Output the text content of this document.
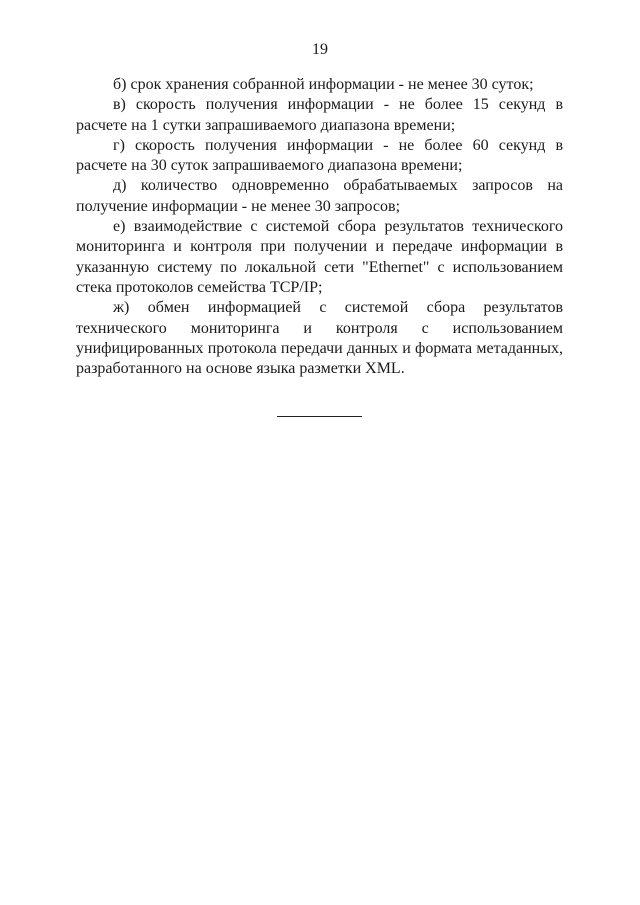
19

б) срок хранения собранной информации - не менее 30 суток;

в) скорость получения информации - не более 15 секунд в расчете на 1 сутки запрашиваемого диапазона времени;

г) скорость получения информации - не более 60 секунд в расчете на 30 суток запрашиваемого диапазона времени;

д) количество одновременно обрабатываемых запросов на получение информации - не менее 30 запросов;

е) взаимодействие с системой сбора результатов технического мониторинга и контроля при получении и передаче информации в указанную систему по локальной сети "Ethernet" с использованием стека протоколов семейства TCP/IP;

ж) обмен информацией с системой сбора результатов технического мониторинга и контроля с использованием унифицированных протокола передачи данных и формата метаданных, разработанного на основе языка разметки XML.
